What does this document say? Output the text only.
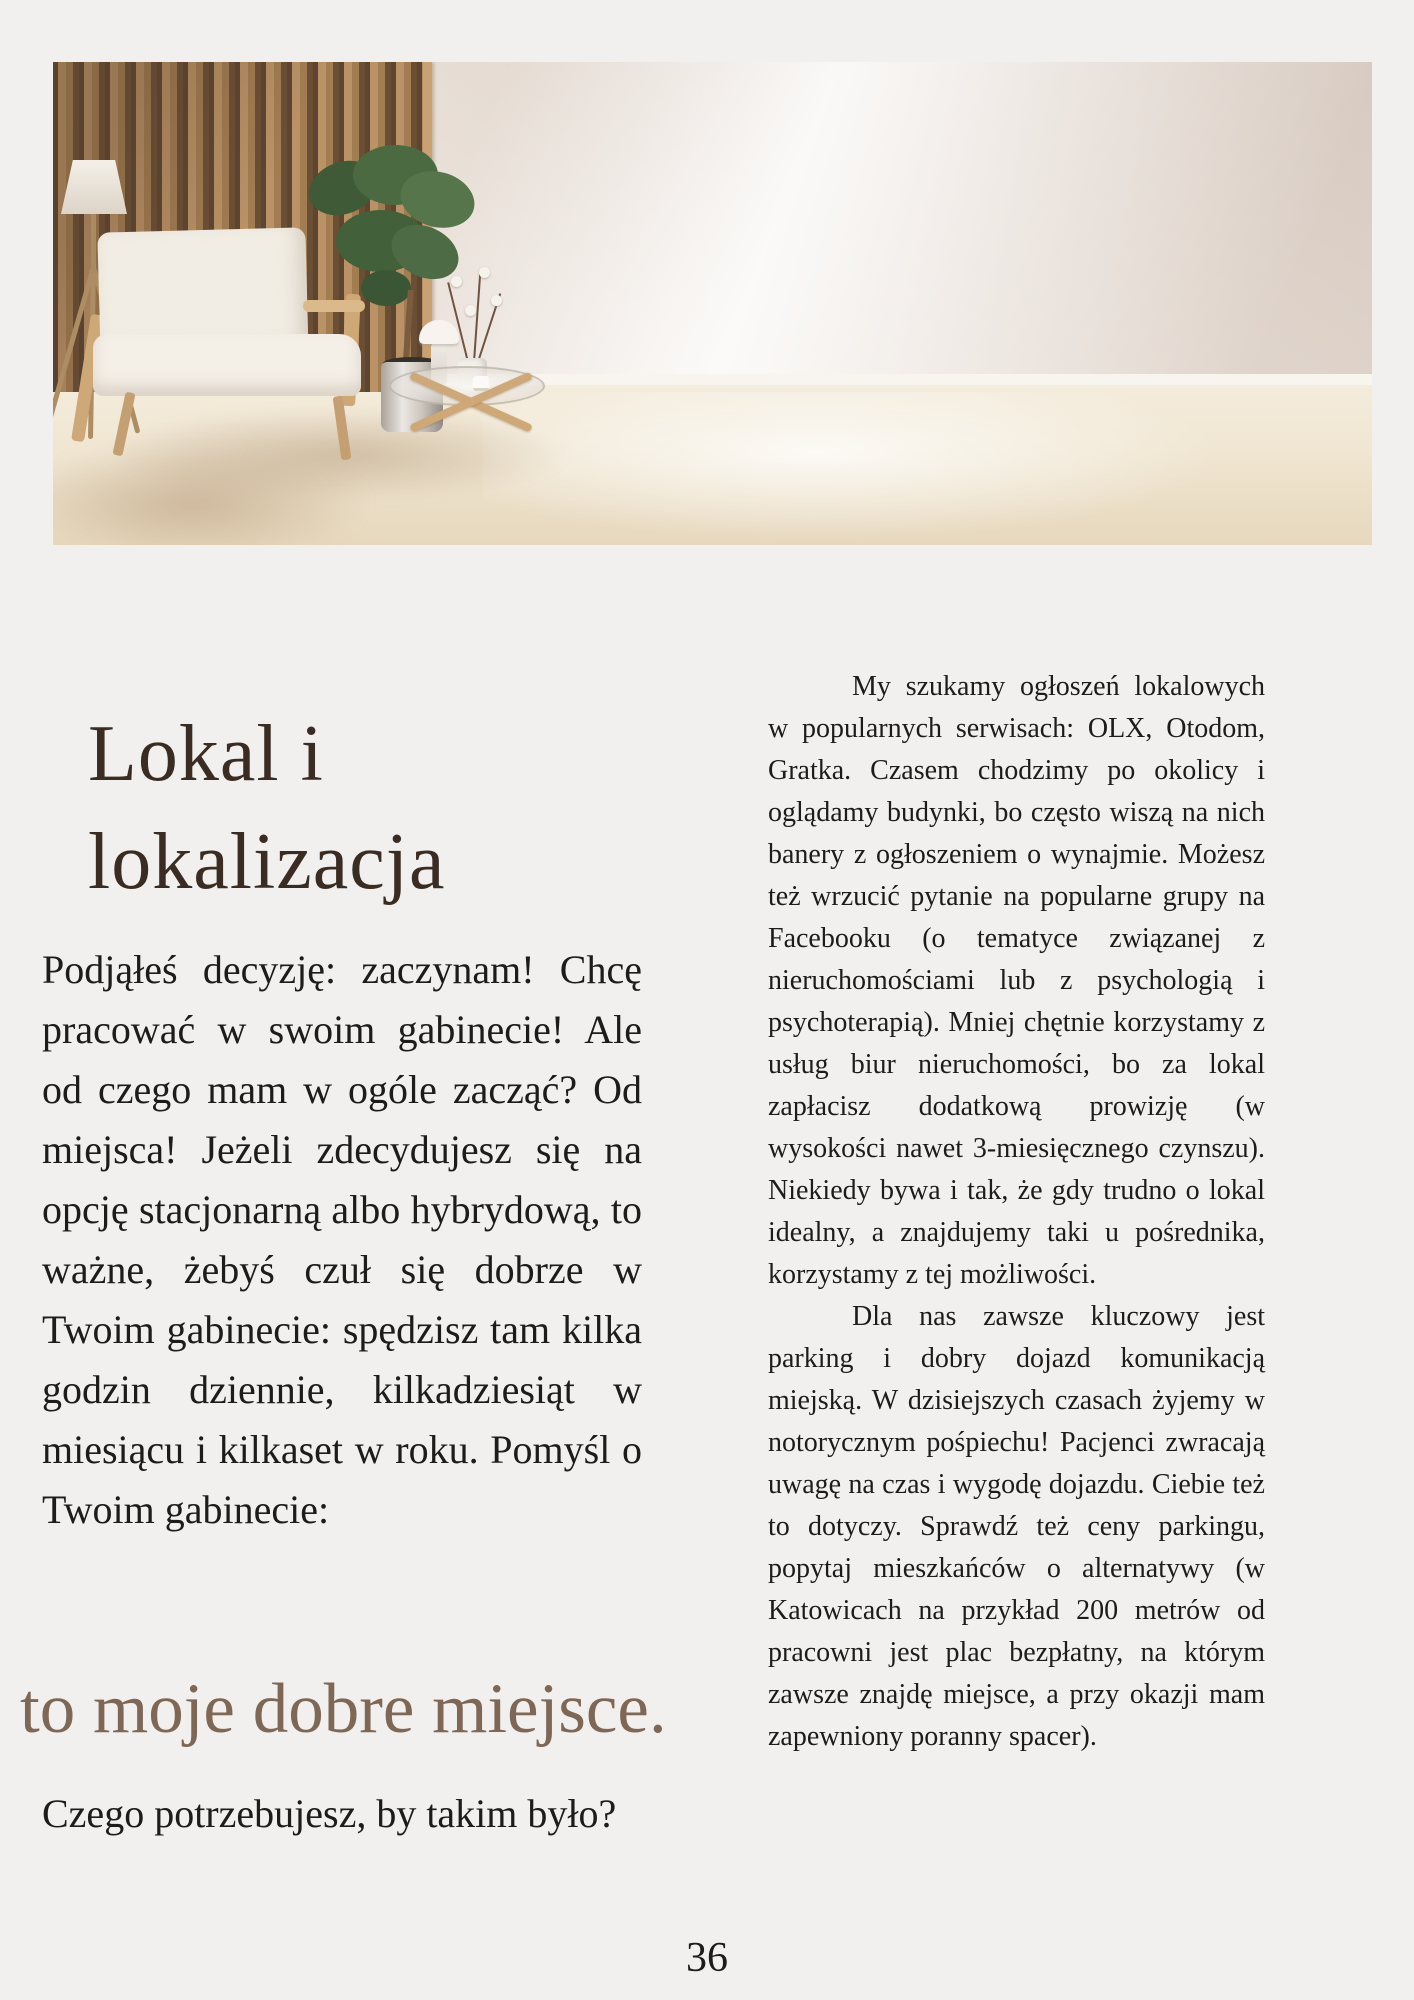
Lokal i
lokalizacja

Podjąłeś decyzję: zaczynam! Chcę pracować w swoim gabinecie! Ale od czego mam w ogóle zacząć? Od miejsca! Jeżeli zdecydujesz się na opcję stacjonarną albo hybrydową, to ważne, żebyś czuł się dobrze w Twoim gabinecie: spędzisz tam kilka godzin dziennie, kilkadziesiąt w miesiącu i kilkaset w roku. Pomyśl o Twoim gabinecie:

to moje dobre miejsce.

Czego potrzebujesz, by takim było?

My szukamy ogłoszeń lokalowych w popularnych serwisach: OLX, Otodom, Gratka. Czasem chodzimy po okolicy i oglądamy budynki, bo często wiszą na nich banery z ogłoszeniem o wynajmie. Możesz też wrzucić pytanie na popularne grupy na Facebooku (o tematyce związanej z nieruchomościami lub z psychologią i psychoterapią). Mniej chętnie korzystamy z usług biur nieruchomości, bo za lokal zapłacisz dodatkową prowizję (w wysokości nawet 3-miesięcznego czynszu). Niekiedy bywa i tak, że gdy trudno o lokal idealny, a znajdujemy taki u pośrednika, korzystamy z tej możliwości.

Dla nas zawsze kluczowy jest parking i dobry dojazd komunikacją miejską. W dzisiejszych czasach żyjemy w notorycznym pośpiechu! Pacjenci zwracają uwagę na czas i wygodę dojazdu. Ciebie też to dotyczy. Sprawdź też ceny parkingu, popytaj mieszkańców o alternatywy (w Katowicach na przykład 200 metrów od pracowni jest plac bezpłatny, na którym zawsze znajdę miejsce, a przy okazji mam zapewniony poranny spacer).

36
